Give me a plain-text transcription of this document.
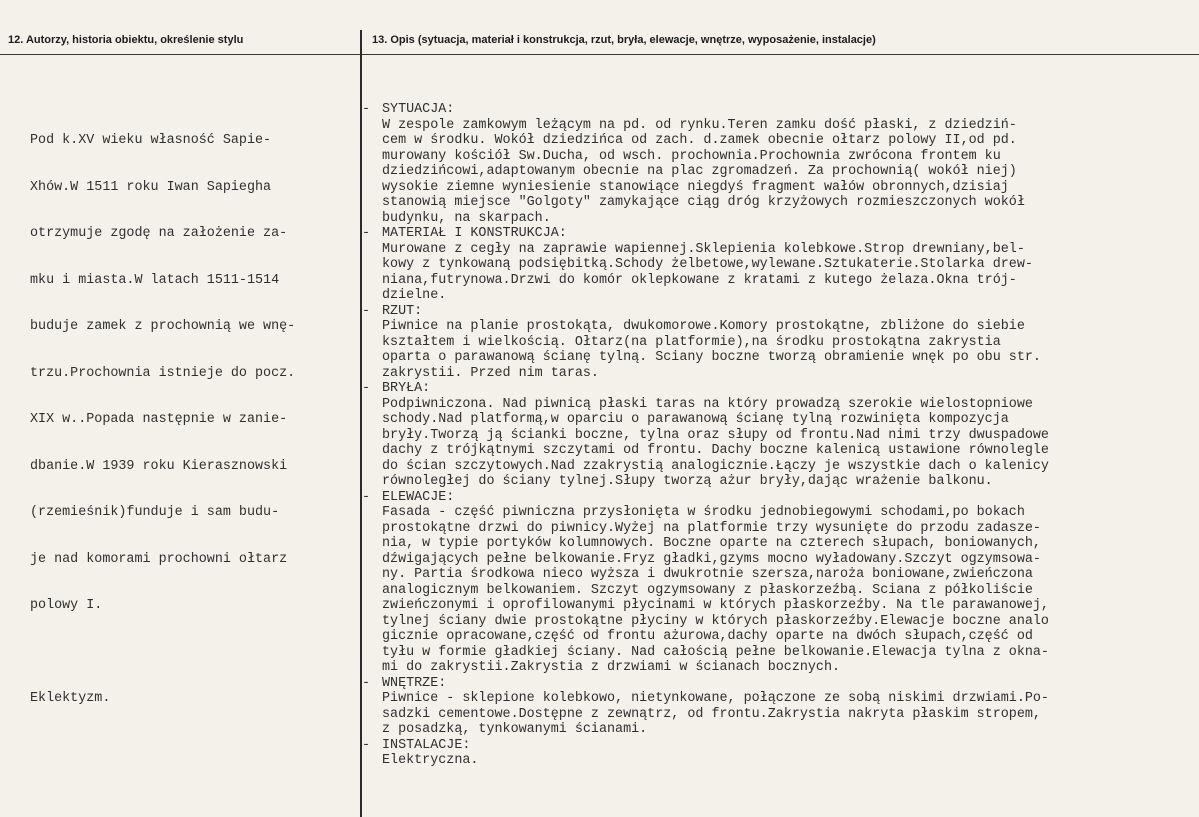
12. Autorzy, historia obiektu, określenie stylu	13. Opis (sytuacja, materiał i konstrukcja, rzut, bryła, elewacje, wnętrze, wyposażenie, instalacje)

Pod k.XV wieku własność Sapie-

Xhów.W 1511 roku Iwan Sapiegha

otrzymuje zgodę na założenie za-

mku i miasta.W latach 1511-1514

buduje zamek z prochownią we wnę-

trzu.Prochownia istnieje do pocz.

XIX w..Popada następnie w zanie-

dbanie.W 1939 roku Kierasznowski

(rzemieśnik)funduje i sam budu-

je nad komorami prochowni ołtarz

polowy I.

Eklektyzm.

- SYTUACJA:
W zespole zamkowym leżącym na pd. od rynku.Teren zamku dość płaski, z dziedziń-
cem w środku. Wokół dziedzińca od zach. d.zamek obecnie ołtarz polowy II,od pd.
murowany kościół Sw.Ducha, od wsch. prochownia.Prochownia zwrócona frontem ku
dziedzińcowi,adaptowanym obecnie na plac zgromadzeń. Za prochownią( wokół niej)
wysokie ziemne wyniesienie stanowiące niegdyś fragment wałów obronnych,dzisiaj
stanowią miejsce "Golgoty" zamykające ciąg dróg krzyżowych rozmieszczonych wokół
budynku, na skarpach.
- MATERIAŁ I KONSTRUKCJA:
Murowane z cegły na zaprawie wapiennej.Sklepienia kolebkowe.Strop drewniany,bel-
kowy z tynkowaną podsiębitką.Schody żelbetowe,wylewane.Sztukaterie.Stolarka drew-
niana,futrynowa.Drzwi do komór oklepkowane z kratami z kutego żelaza.Okna trój-
dzielne.
- RZUT:
Piwnice na planie prostokąta, dwukomorowe.Komory prostokątne, zbliżone do siebie
kształtem i wielkością. Ołtarz(na platformie),na środku prostokątna zakrystia
oparta o parawanową ścianę tylną. Sciany boczne tworzą obramienie wnęk po obu str.
zakrystii. Przed nim taras.
- BRYŁA:
Podpiwniczona. Nad piwnicą płaski taras na który prowadzą szerokie wielostopniowe
schody.Nad platformą,w oparciu o parawanową ścianę tylną rozwinięta kompozycja
bryły.Tworzą ją ścianki boczne, tylna oraz słupy od frontu.Nad nimi trzy dwuspadowe
dachy z trójkątnymi szczytami od frontu. Dachy boczne kalenicą ustawione równolegle
do ścian szczytowych.Nad zzakrystią analogicznie.Łączy je wszystkie dach o kalenicy
równoległej do ściany tylnej.Słupy tworzą ażur bryły,dając wrażenie balkonu.
- ELEWACJE:
Fasada - część piwniczna przysłonięta w środku jednobiegowymi schodami,po bokach
prostokątne drzwi do piwnicy.Wyżej na platformie trzy wysunięte do przodu zadasze-
nia, w typie portyków kolumnowych. Boczne oparte na czterech słupach, boniowanych,
dźwigających pełne belkowanie.Fryz gładki,gzyms mocno wyładowany.Szczyt ogzymsowa-
ny. Partia środkowa nieco wyższa i dwukrotnie szersza,naroża boniowane,zwieńczona
analogicznym belkowaniem. Szczyt ogzymsowany z płaskorzeźbą. Sciana z półkoliście
zwieńczonymi i oprofilowanymi płycinami w których płaskorzeźby. Na tle parawanowej,
tylnej ściany dwie prostokątne płyciny w których płaskorzeźby.Elewacje boczne analo
gicznie opracowane,część od frontu ażurowa,dachy oparte na dwóch słupach,część od
tyłu w formie gładkiej ściany. Nad całością pełne belkowanie.Elewacja tylna z okna-
mi do zakrystii.Zakrystia z drzwiami w ścianach bocznych.
- WNĘTRZE:
Piwnice - sklepione kolebkowo, nietynkowane, połączone ze sobą niskimi drzwiami.Po-
sadzki cementowe.Dostępne z zewnątrz, od frontu.Zakrystia nakryta płaskim stropem,
z posadzką, tynkowanymi ścianami.
- INSTALACJE:
Elektryczna.
